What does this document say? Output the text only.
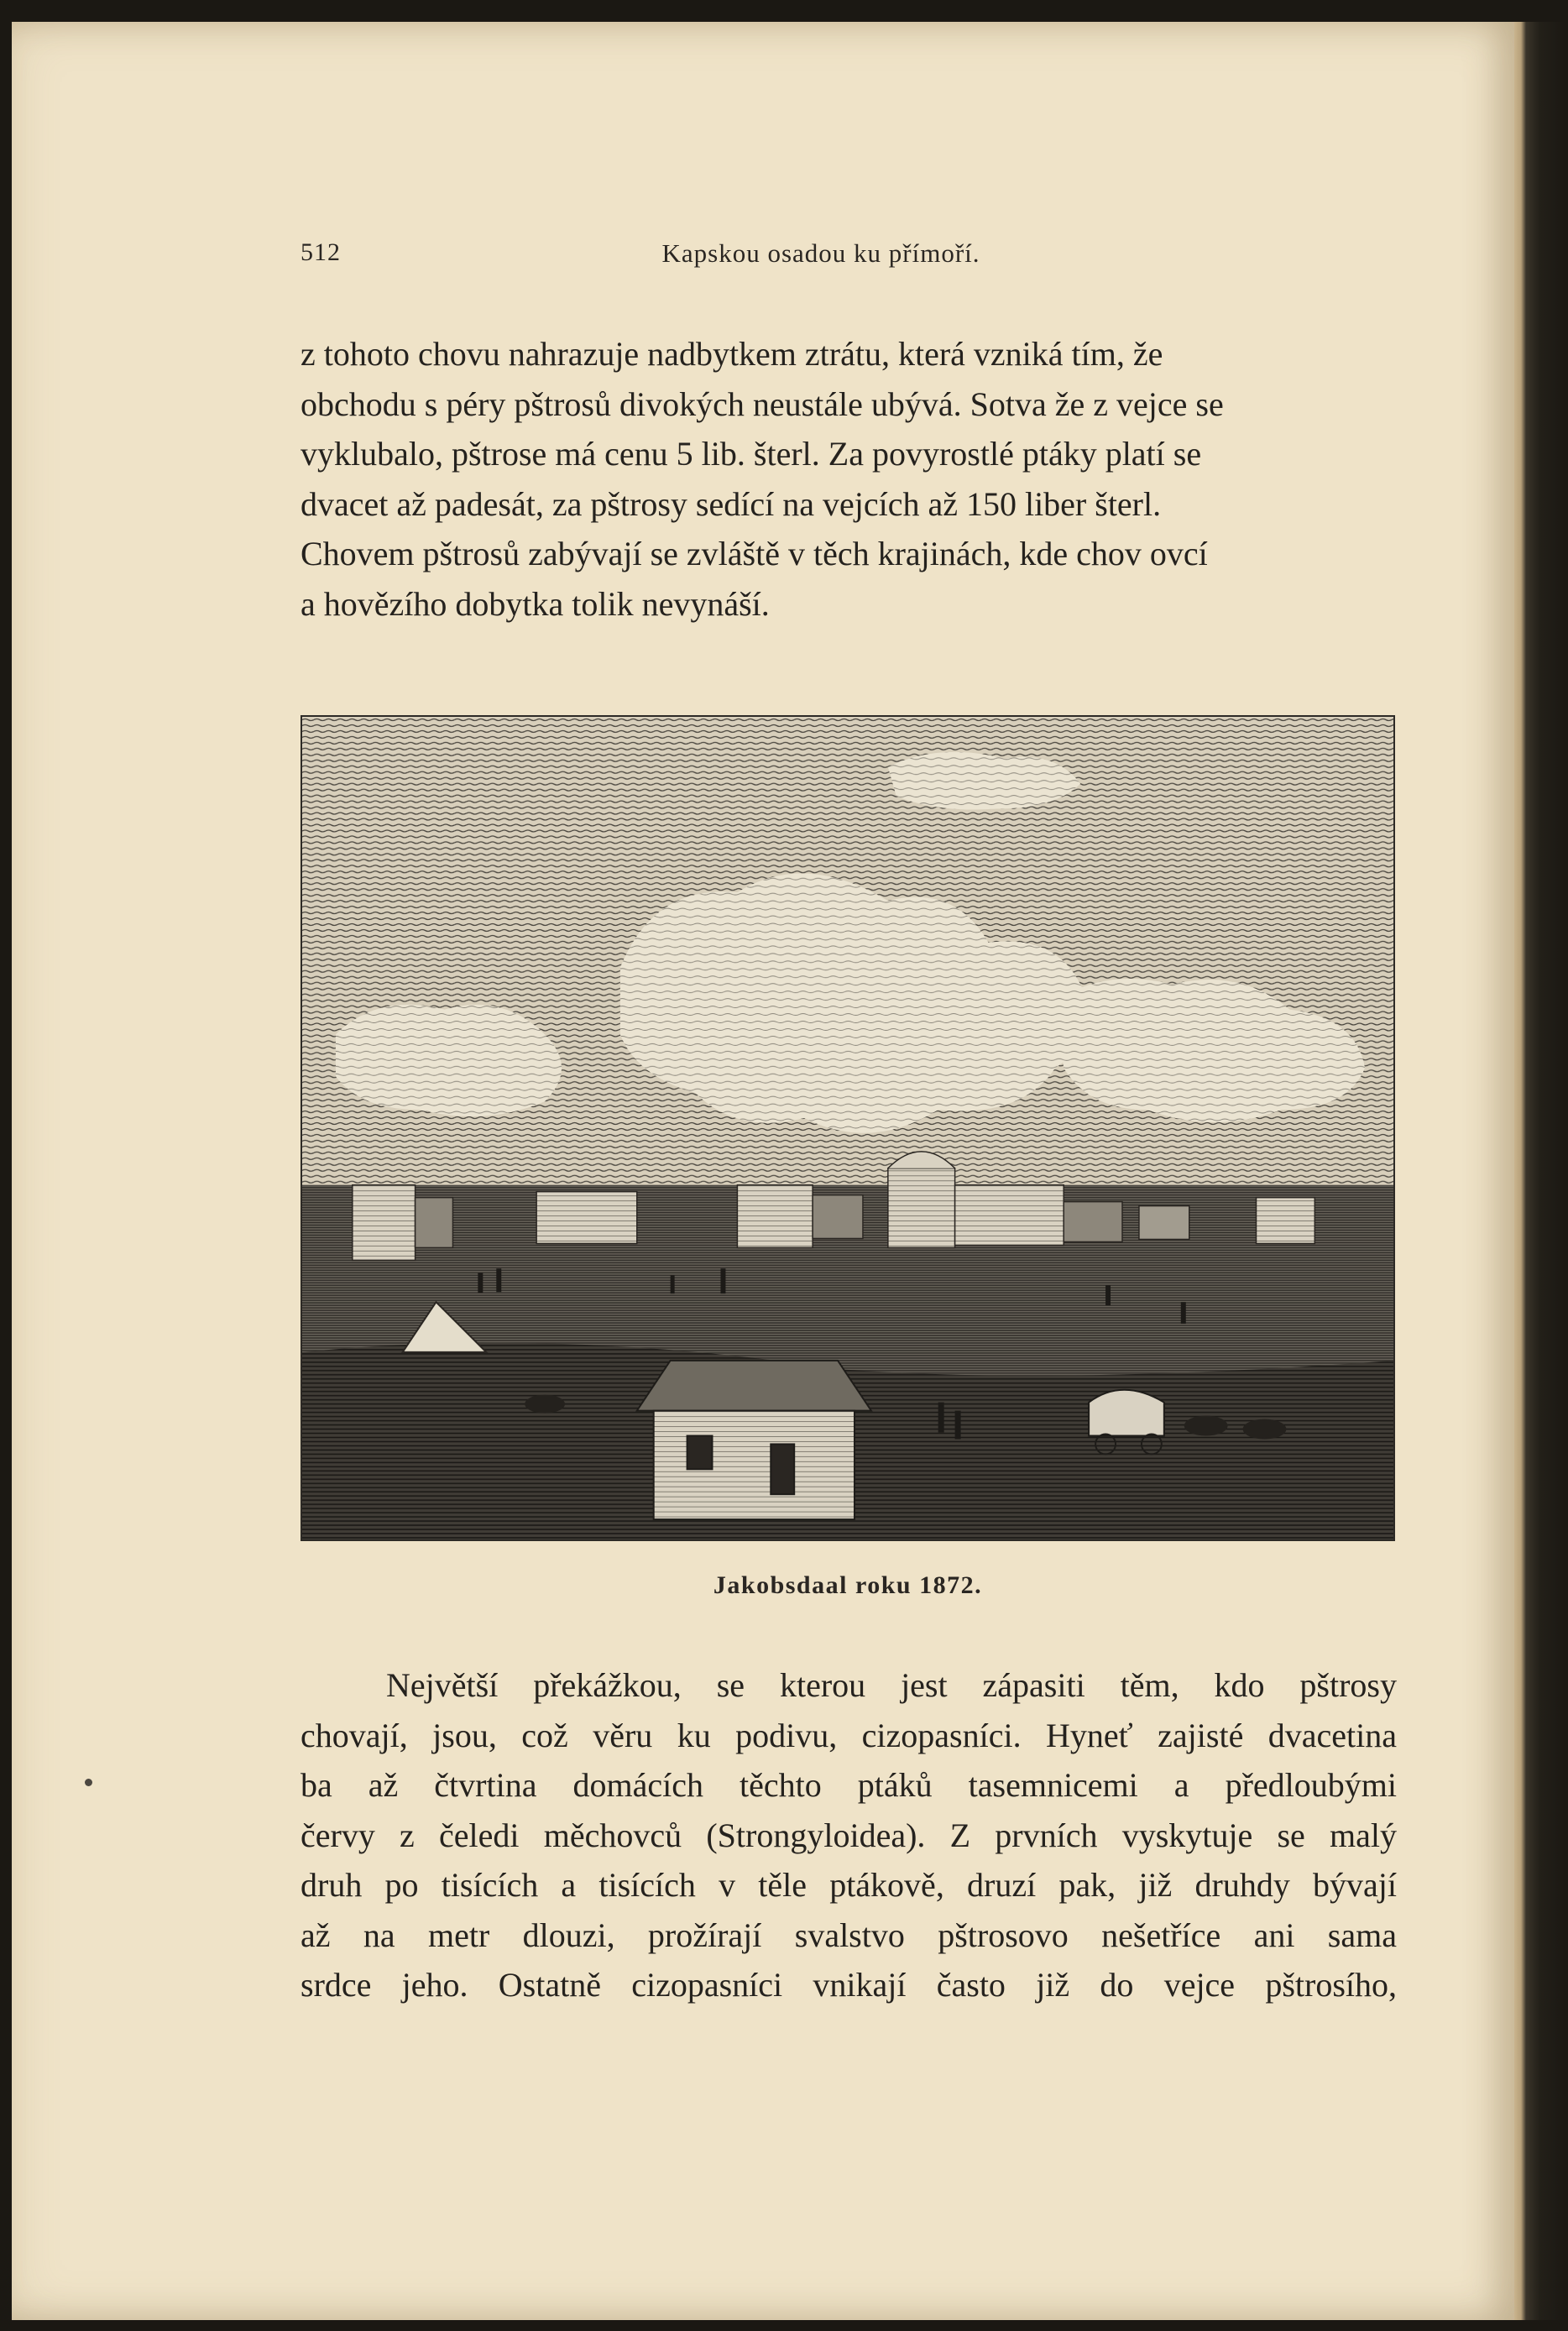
512	Kapskou osadou ku přímoří.
z tohoto chovu nahrazuje nadbytkem ztrátu, která vzniká tím, že
obchodu s péry pštrosů divokých neustále ubývá. Sotva že z vejce se
vyklubalo, pštrose má cenu 5 lib. šterl. Za povyrostlé ptáky platí se
dvacet až padesát, za pštrosy sedící na vejcích až 150 liber šterl.
Chovem pštrosů zabývají se zvláště v těch krajinách, kde chov ovcí
a hovězího dobytka tolik nevynáší.
Jakobsdaal roku 1872.
Největší překážkou, se kterou jest zápasiti těm, kdo pštrosy
chovají, jsou, což věru ku podivu, cizopasníci. Hyneť zajisté dvacetina
ba až čtvrtina domácích těchto ptáků tasemnicemi a předloubými
červy z čeledi měchovců (Strongyloidea). Z prvních vyskytuje se malý
druh po tisících a tisících v těle ptákově, druzí pak, již druhdy bývají
až na metr dlouzi, prožírají svalstvo pštrosovo nešetříce ani sama
srdce jeho. Ostatně cizopasníci vnikají často již do vejce pštrosího,
